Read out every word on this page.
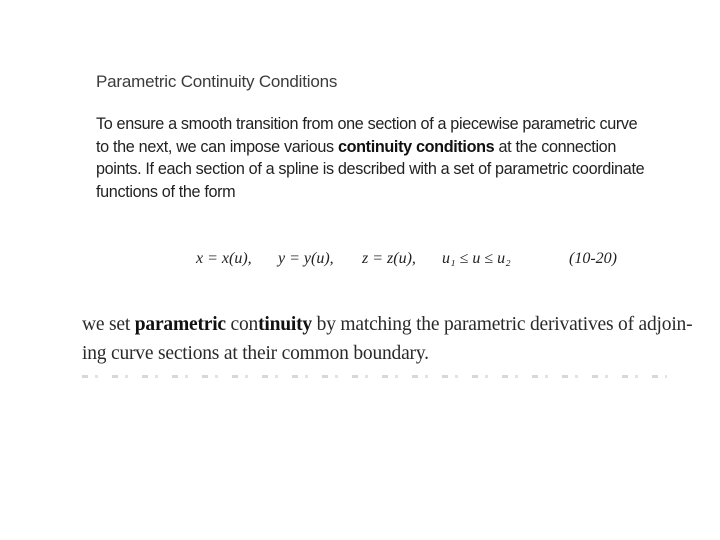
Parametric Continuity Conditions
To ensure a smooth transition from one section of a piecewise parametric curve
to the next, we can impose various continuity conditions at the connection
points. If each section of a spline is described with a set of parametric coordinate
functions of the form
x = x(u), y = y(u), z = z(u), u₁ ≤ u ≤ u₂	(10-20)
we set parametric continuity by matching the parametric derivatives of adjoin-
ing curve sections at their common boundary.
